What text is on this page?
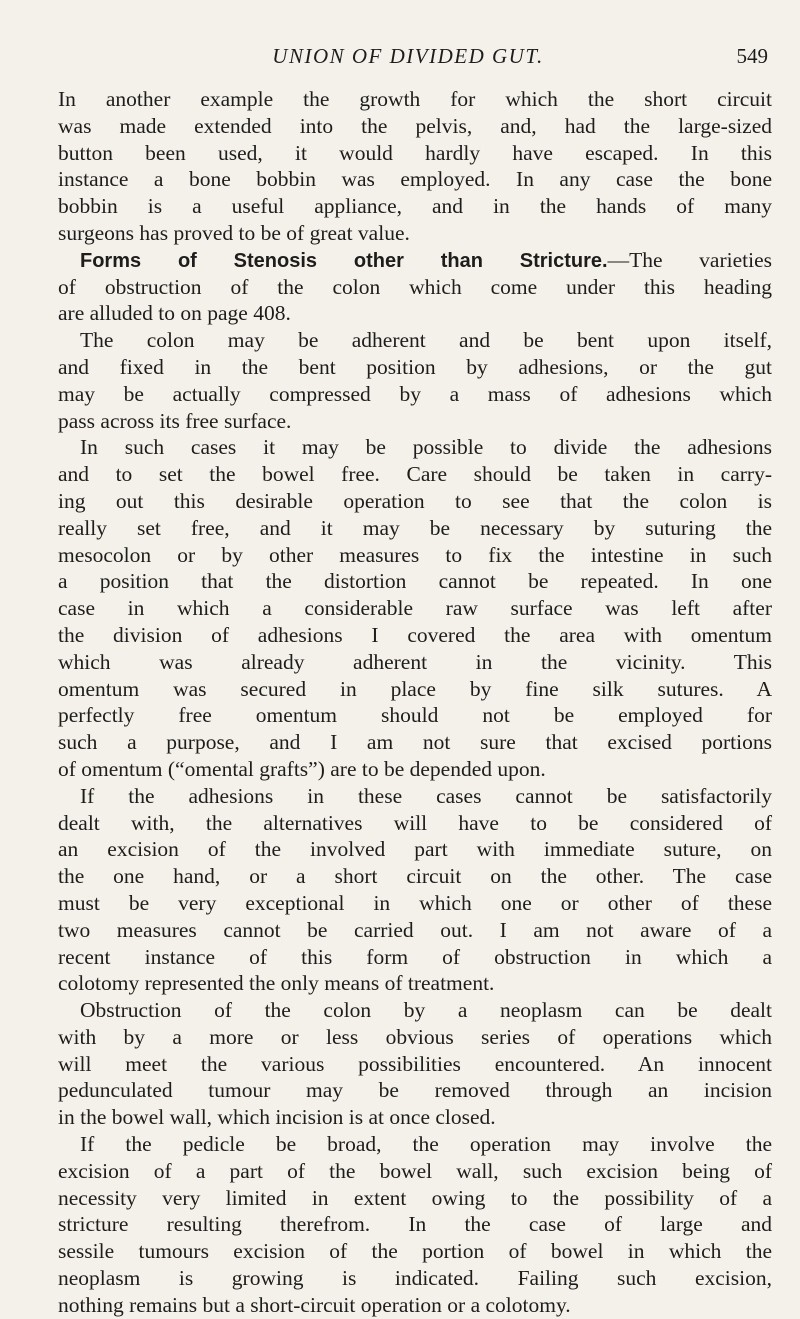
UNION OF DIVIDED GUT.	549
In another example the growth for which the short circuit
was made extended into the pelvis, and, had the large-sized
button been used, it would hardly have escaped. In this
instance a bone bobbin was employed. In any case the bone
bobbin is a useful appliance, and in the hands of many
surgeons has proved to be of great value.
Forms of Stenosis other than Stricture.—The varieties
of obstruction of the colon which come under this heading
are alluded to on page 408.
The colon may be adherent and be bent upon itself,
and fixed in the bent position by adhesions, or the gut
may be actually compressed by a mass of adhesions which
pass across its free surface.
In such cases it may be possible to divide the adhesions
and to set the bowel free. Care should be taken in carry-
ing out this desirable operation to see that the colon is
really set free, and it may be necessary by suturing the
mesocolon or by other measures to fix the intestine in such
a position that the distortion cannot be repeated. In one
case in which a considerable raw surface was left after
the division of adhesions I covered the area with omentum
which was already adherent in the vicinity. This
omentum was secured in place by fine silk sutures. A
perfectly free omentum should not be employed for
such a purpose, and I am not sure that excised portions
of omentum (“omental grafts”) are to be depended upon.
If the adhesions in these cases cannot be satisfactorily
dealt with, the alternatives will have to be considered of
an excision of the involved part with immediate suture, on
the one hand, or a short circuit on the other. The case
must be very exceptional in which one or other of these
two measures cannot be carried out. I am not aware of a
recent instance of this form of obstruction in which a
colotomy represented the only means of treatment.
Obstruction of the colon by a neoplasm can be dealt
with by a more or less obvious series of operations which
will meet the various possibilities encountered. An innocent
pedunculated tumour may be removed through an incision
in the bowel wall, which incision is at once closed.
If the pedicle be broad, the operation may involve the
excision of a part of the bowel wall, such excision being of
necessity very limited in extent owing to the possibility of a
stricture resulting therefrom. In the case of large and
sessile tumours excision of the portion of bowel in which the
neoplasm is growing is indicated. Failing such excision,
nothing remains but a short-circuit operation or a colotomy.
